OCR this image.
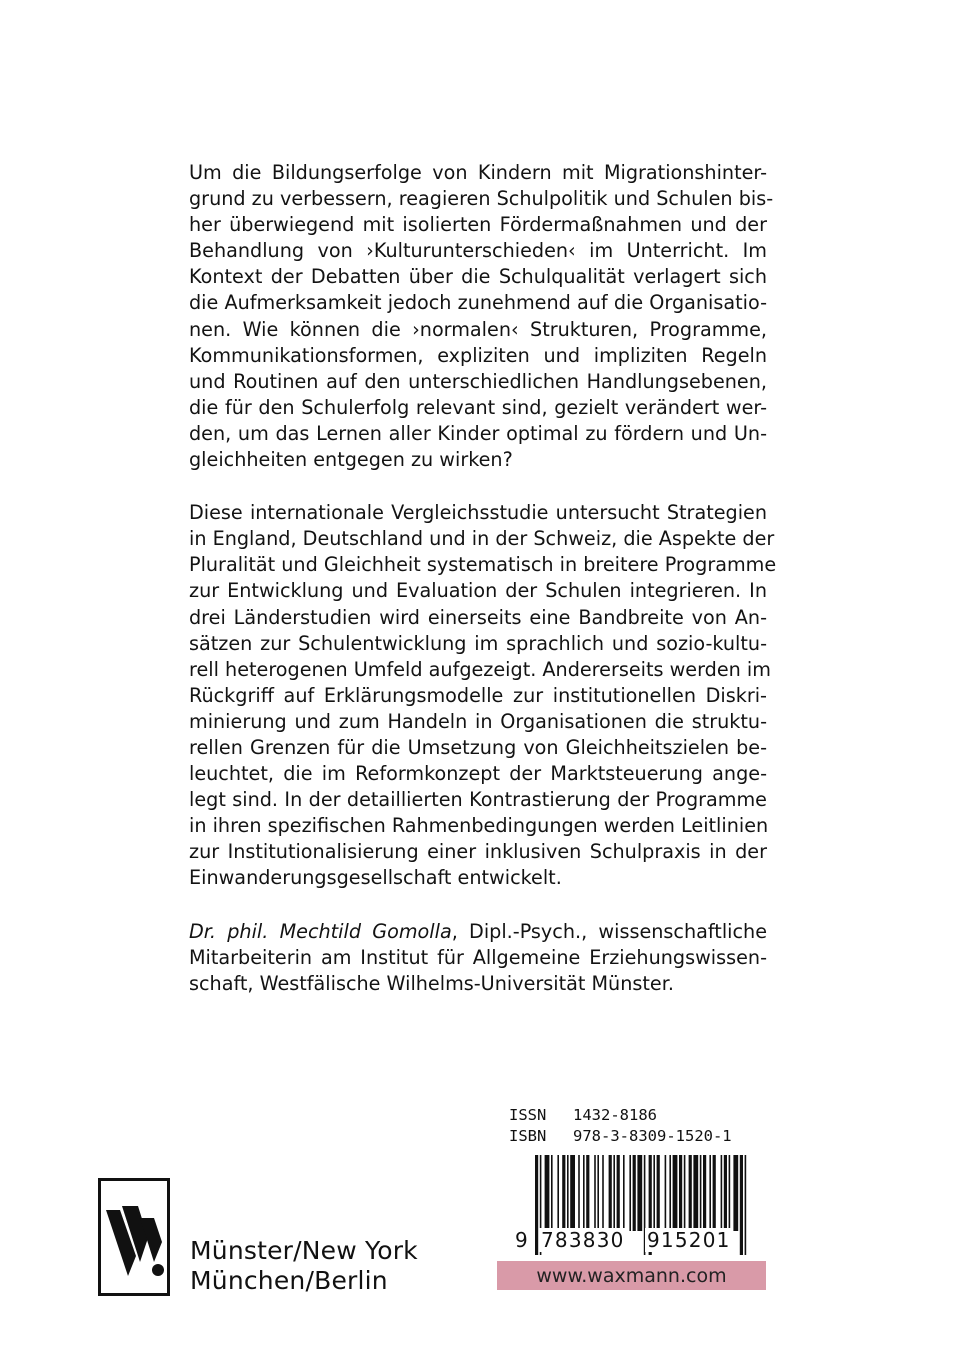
Um die Bildungserfolge von Kindern mit Migrationshinter-
grund zu verbessern, reagieren Schulpolitik und Schulen bis-
her überwiegend mit isolierten Fördermaßnahmen und der
Behandlung von ›Kulturunterschieden‹ im Unterricht. Im
Kontext der Debatten über die Schulqualität verlagert sich
die Aufmerksamkeit jedoch zunehmend auf die Organisatio-
nen. Wie können die ›normalen‹ Strukturen, Programme,
Kommunikationsformen, expliziten und impliziten Regeln
und Routinen auf den unterschiedlichen Handlungsebenen,
die für den Schulerfolg relevant sind, gezielt verändert wer-
den, um das Lernen aller Kinder optimal zu fördern und Un-
gleichheiten entgegen zu wirken?

Diese internationale Vergleichsstudie untersucht Strategien
in England, Deutschland und in der Schweiz, die Aspekte der
Pluralität und Gleichheit systematisch in breitere Programme
zur Entwicklung und Evaluation der Schulen integrieren. In
drei Länderstudien wird einerseits eine Bandbreite von An-
sätzen zur Schulentwicklung im sprachlich und sozio-kultu-
rell heterogenen Umfeld aufgezeigt. Andererseits werden im
Rückgriff auf Erklärungsmodelle zur institutionellen Diskri-
minierung und zum Handeln in Organisationen die struktu-
rellen Grenzen für die Umsetzung von Gleichheitszielen be-
leuchtet, die im Reformkonzept der Marktsteuerung ange-
legt sind. In der detaillierten Kontrastierung der Programme
in ihren spezifischen Rahmenbedingungen werden Leitlinien
zur Institutionalisierung einer inklusiven Schulpraxis in der
Einwanderungsgesellschaft entwickelt.

Dr. phil. Mechtild Gomolla, Dipl.-Psych., wissenschaftliche
Mitarbeiterin am Institut für Allgemeine Erziehungswissen-
schaft, Westfälische Wilhelms-Universität Münster.

ISSN 1432-8186
ISBN 978-3-8309-1520-1
9 783830 915201
www.waxmann.com
Münster/New York
München/Berlin
